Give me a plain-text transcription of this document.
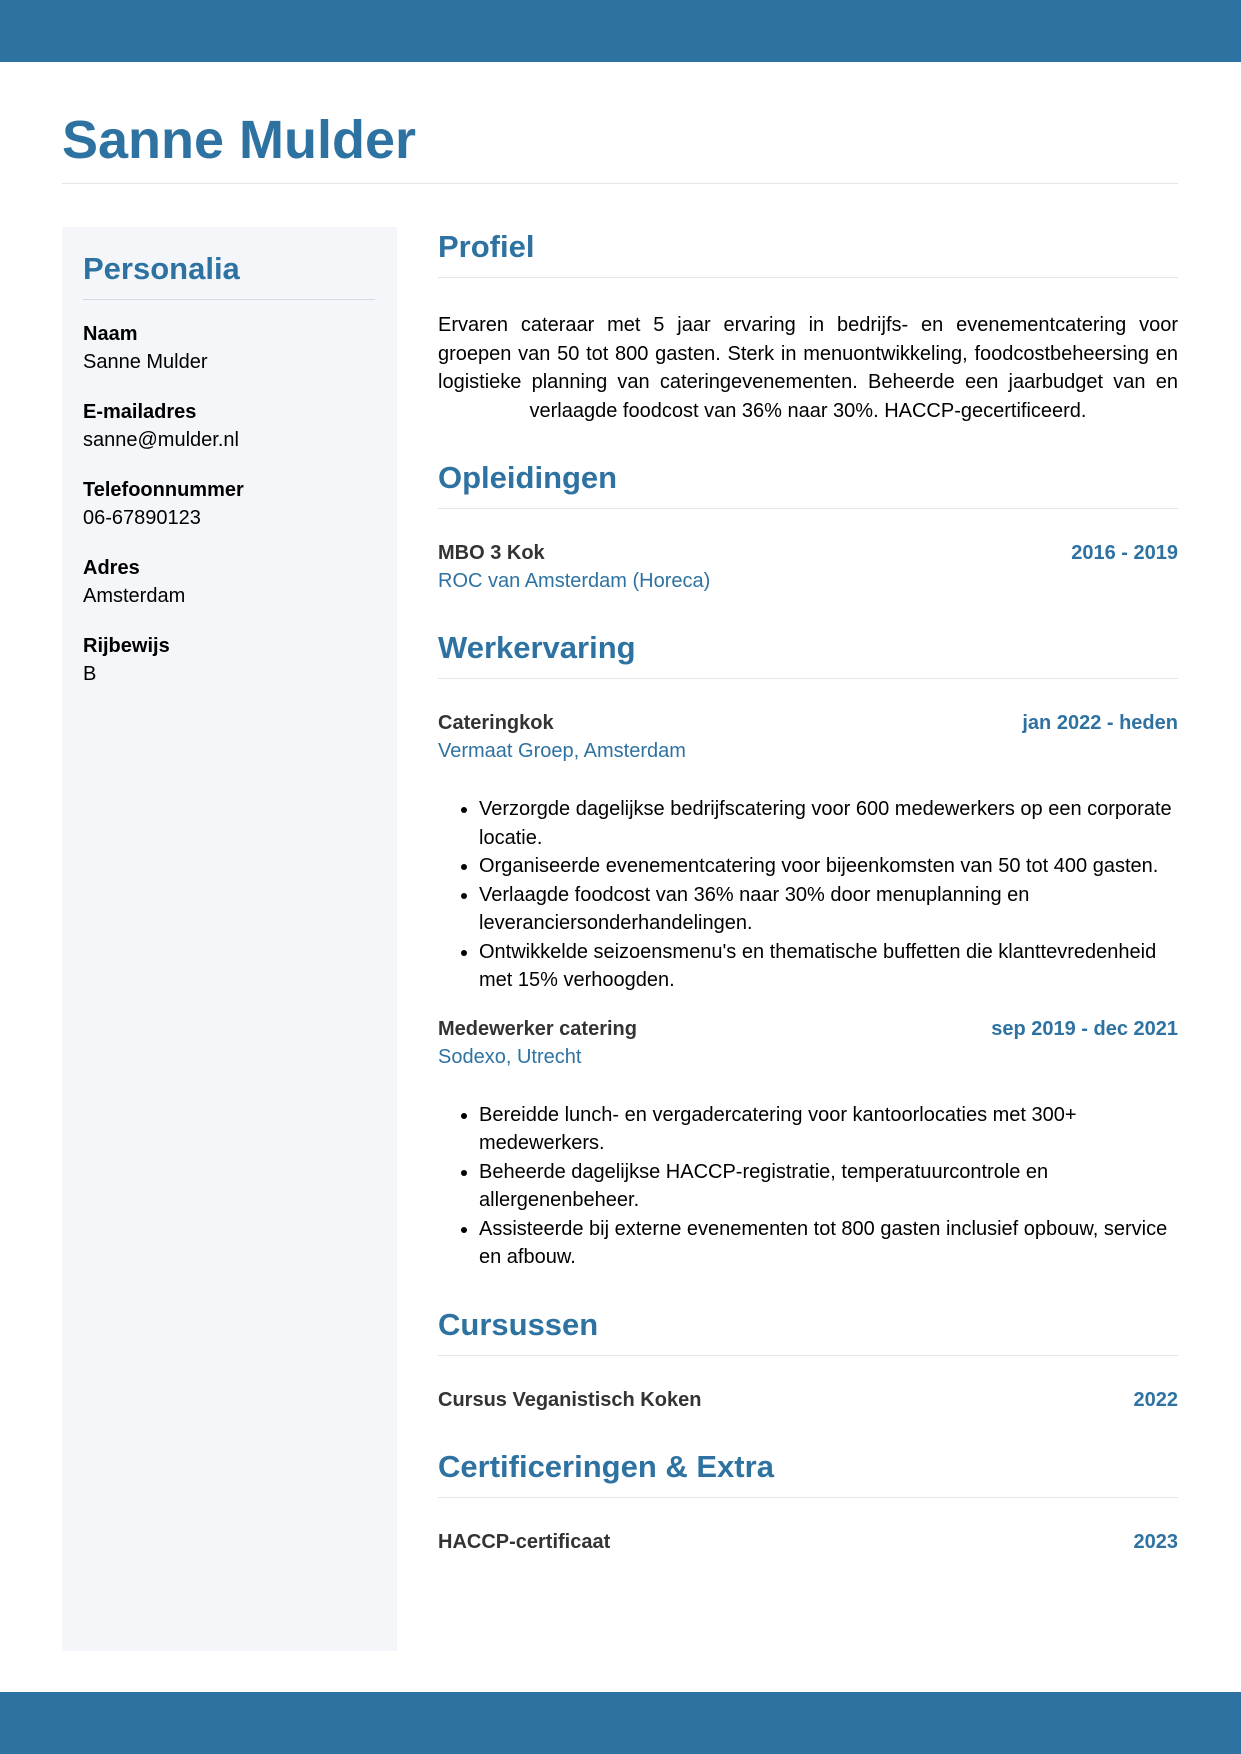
Sanne Mulder
Personalia
Naam
Sanne Mulder
E-mailadres
sanne@mulder.nl
Telefoonnummer
06-67890123
Adres
Amsterdam
Rijbewijs
B
Profiel

Ervaren cateraar met 5 jaar ervaring in bedrijfs- en evenementcatering voor groepen van 50 tot 800 gasten. Sterk in menuontwikkeling, foodcostbeheersing en logistieke planning van cateringevenementen. Beheerde een jaarbudget van en verlaagde foodcost van 36% naar 30%. HACCP-gecertificeerd.

Opleidingen
MBO 3 Kok	2016 - 2019
ROC van Amsterdam (Horeca)
Werkervaring
Cateringkok	jan 2022 - heden
Vermaat Groep, Amsterdam
• Verzorgde dagelijkse bedrijfscatering voor 600 medewerkers op een corporate locatie.
• Organiseerde evenementcatering voor bijeenkomsten van 50 tot 400 gasten.
• Verlaagde foodcost van 36% naar 30% door menuplanning en leveranciersonderhandelingen.
• Ontwikkelde seizoensmenu's en thematische buffetten die klanttevredenheid met 15% verhoogden.
Medewerker catering	sep 2019 - dec 2021
Sodexo, Utrecht
• Bereidde lunch- en vergadercatering voor kantoorlocaties met 300+ medewerkers.
• Beheerde dagelijkse HACCP-registratie, temperatuurcontrole en allergenenbeheer.
• Assisteerde bij externe evenementen tot 800 gasten inclusief opbouw, service en afbouw.
Cursussen
Cursus Veganistisch Koken	2022
Certificeringen & Extra
HACCP-certificaat	2023
